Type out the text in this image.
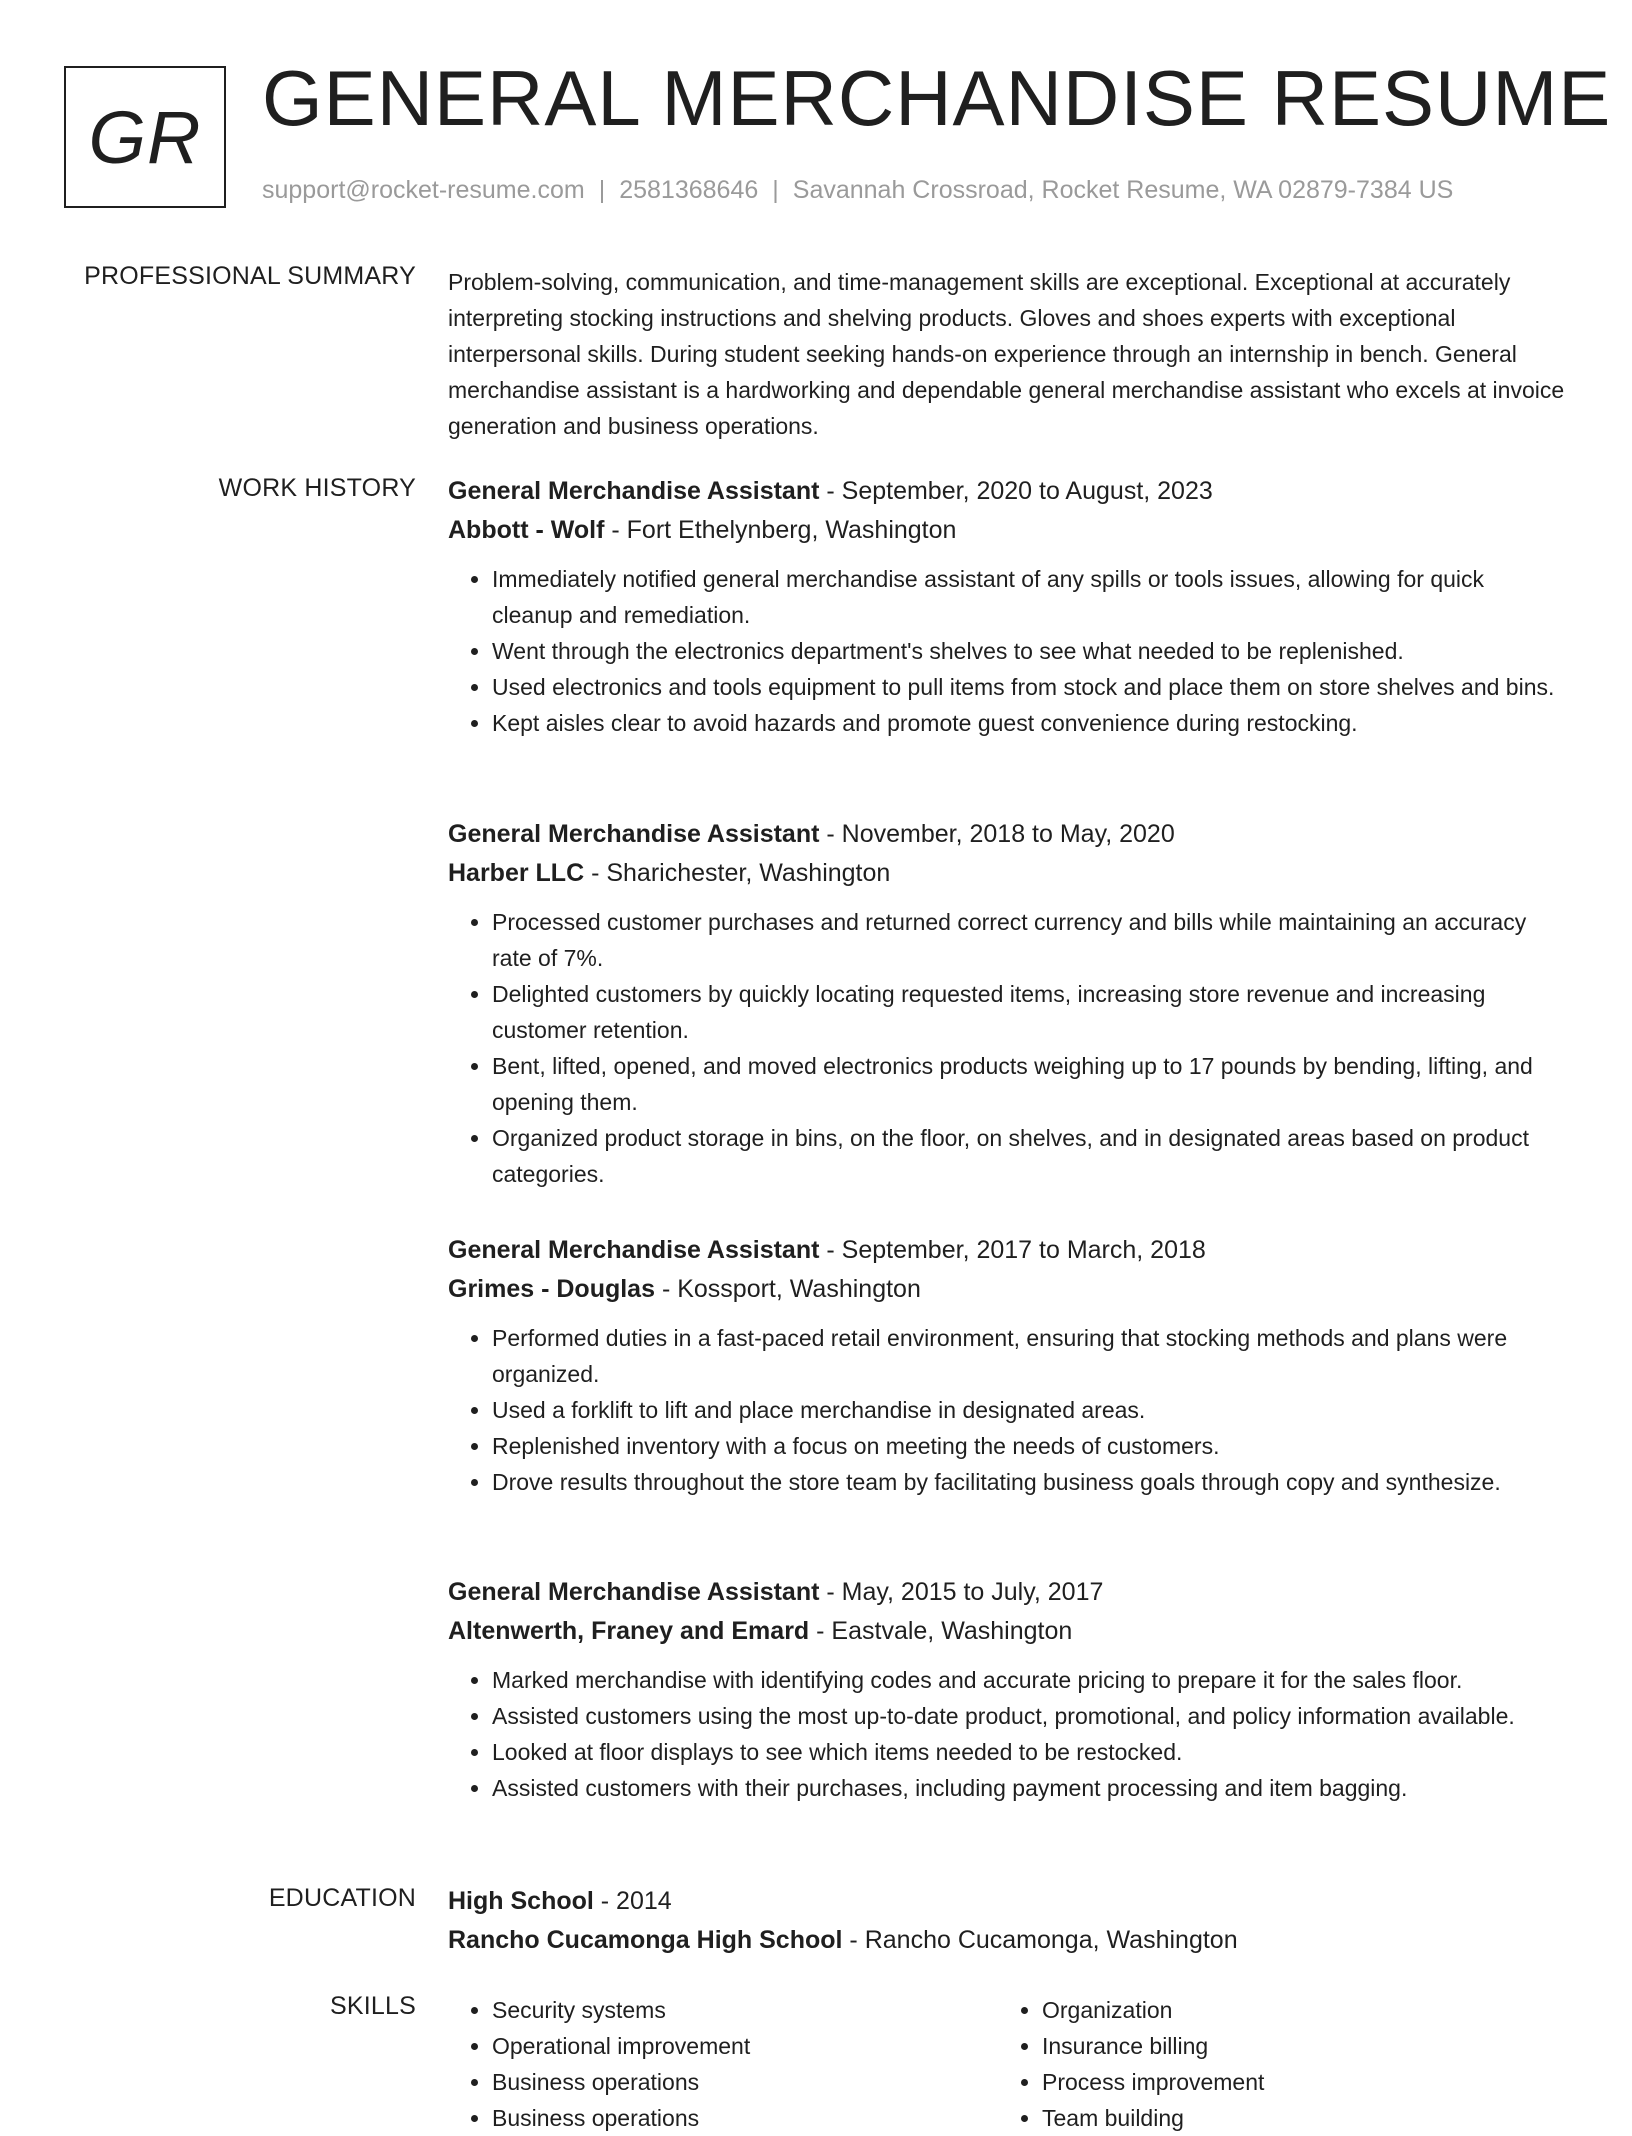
GR GENERAL MERCHANDISE RESUME
support@rocket-resume.com | 2581368646 | Savannah Crossroad, Rocket Resume, WA 02879-7384 US
PROFESSIONAL SUMMARY Problem-solving, communication, and time-management skills are exceptional. Exceptional at accurately interpreting stocking instructions and shelving products. Gloves and shoes experts with exceptional interpersonal skills. During student seeking hands-on experience through an internship in bench. General merchandise assistant is a hardworking and dependable general merchandise assistant who excels at invoice generation and business operations.

WORK HISTORY General Merchandise Assistant - September, 2020 to August, 2023

Abbott - Wolf - Fort Ethelynberg, Washington

• Immediately notified general merchandise assistant of any spills or tools issues, allowing for quick cleanup and remediation.
• Went through the electronics department's shelves to see what needed to be replenished.
• Used electronics and tools equipment to pull items from stock and place them on store shelves and bins.
• Kept aisles clear to avoid hazards and promote guest convenience during restocking.

General Merchandise Assistant - November, 2018 to May, 2020

Harber LLC - Sharichester, Washington

• Processed customer purchases and returned correct currency and bills while maintaining an accuracy rate of 7%.
• Delighted customers by quickly locating requested items, increasing store revenue and increasing customer retention.
• Bent, lifted, opened, and moved electronics products weighing up to 17 pounds by bending, lifting, and opening them.
• Organized product storage in bins, on the floor, on shelves, and in designated areas based on product categories.

General Merchandise Assistant - September, 2017 to March, 2018

Grimes - Douglas - Kossport, Washington

• Performed duties in a fast-paced retail environment, ensuring that stocking methods and plans were organized.
• Used a forklift to lift and place merchandise in designated areas.
• Replenished inventory with a focus on meeting the needs of customers.
• Drove results throughout the store team by facilitating business goals through copy and synthesize.

General Merchandise Assistant - May, 2015 to July, 2017

Altenwerth, Franey and Emard - Eastvale, Washington

• Marked merchandise with identifying codes and accurate pricing to prepare it for the sales floor.
• Assisted customers using the most up-to-date product, promotional, and policy information available.
• Looked at floor displays to see which items needed to be restocked.
• Assisted customers with their purchases, including payment processing and item bagging.
EDUCATION High School - 2014

Rancho Cucamonga High School - Rancho Cucamonga, Washington

SKILLS
•	Security systems
• Operational improvement
• Business operations
• Business operations
• Organization
• Insurance billing
• Process improvement
• Team building
